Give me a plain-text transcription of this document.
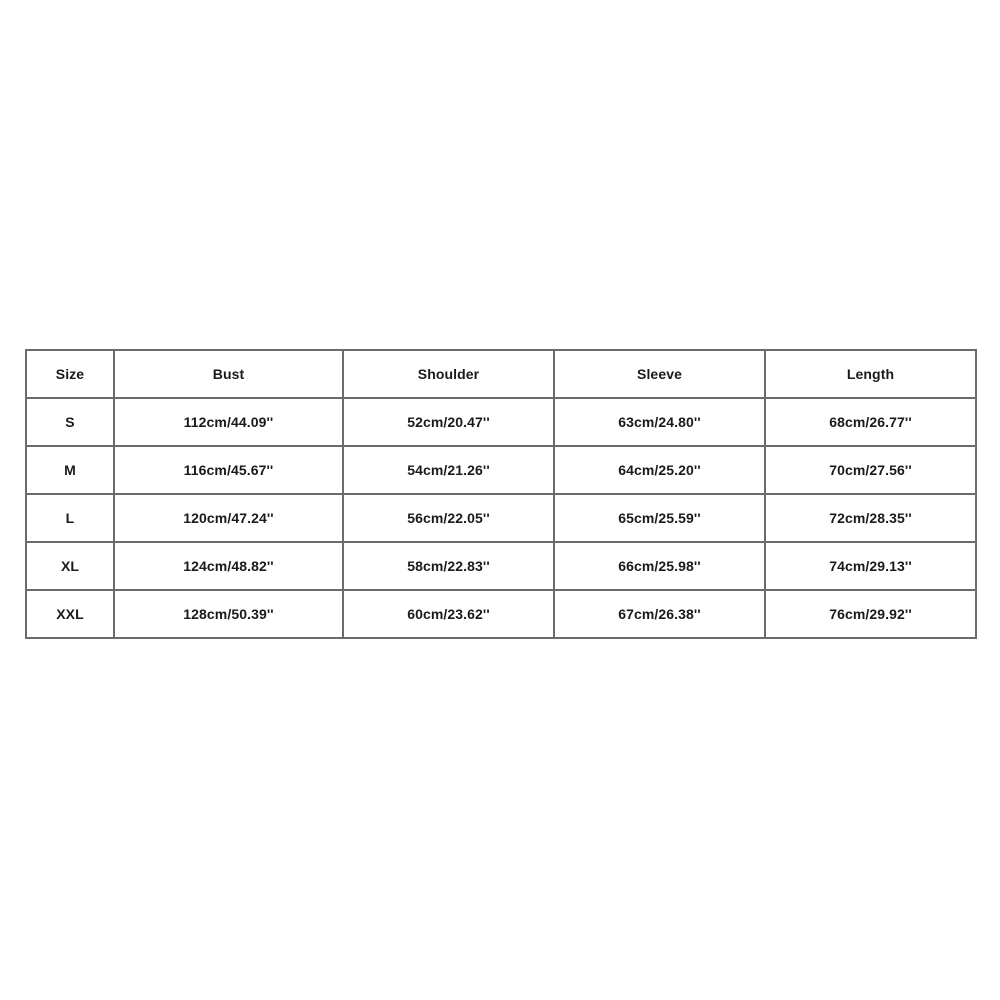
Size	Bust	Shoulder	Sleeve	Length
S	112cm/44.09''	52cm/20.47''	63cm/24.80''	68cm/26.77''
M	116cm/45.67''	54cm/21.26''	64cm/25.20''	70cm/27.56''
L	120cm/47.24''	56cm/22.05''	65cm/25.59''	72cm/28.35''
XL	124cm/48.82''	58cm/22.83''	66cm/25.98''	74cm/29.13''
XXL	128cm/50.39''	60cm/23.62''	67cm/26.38''	76cm/29.92''
